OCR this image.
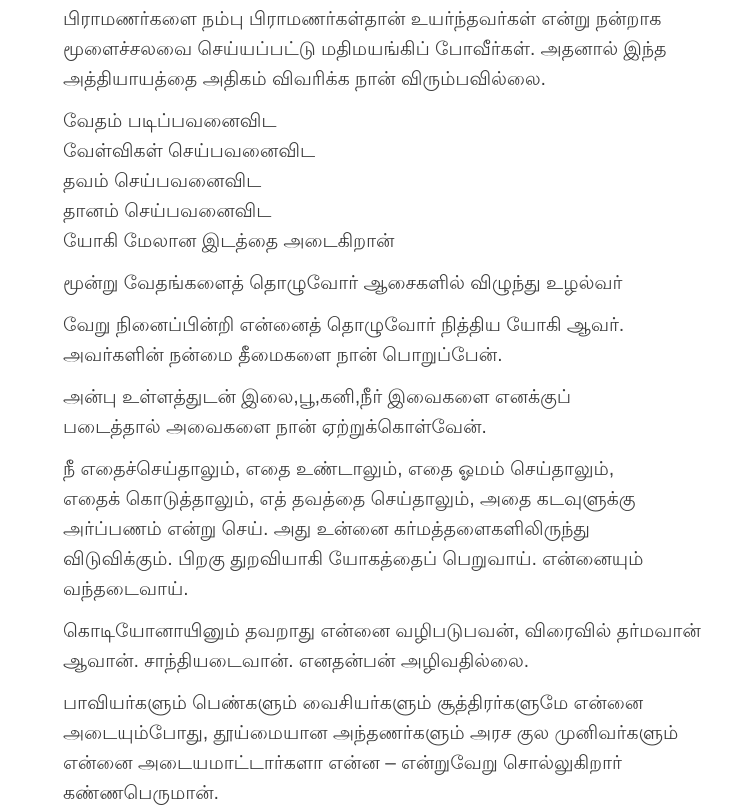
பிராமணர்களை நம்பு பிராமணர்கள்தான் உயர்ந்தவர்கள் என்று நன்றாக
மூளைச்சலவை செய்யப்பட்டு மதிமயங்கிப் போவீர்கள். அதனால் இந்த
அத்தியாயத்தை அதிகம் விவரிக்க நான் விரும்பவில்லை.
வேதம் படிப்பவனைவிட
வேள்விகள் செய்பவனைவிட
தவம் செய்பவனைவிட
தானம் செய்பவனைவிட
யோகி மேலான இடத்தை அடைகிறான்
மூன்று வேதங்களைத் தொழுவோர் ஆசைகளில் விழுந்து உழல்வர்
வேறு நினைப்பின்றி என்னைத் தொழுவோர் நித்திய யோகி ஆவர்.
அவர்களின் நன்மை தீமைகளை நான் பொறுப்பேன்.
அன்பு உள்ளத்துடன் இலை,பூ,கனி,நீர் இவைகளை எனக்குப்
படைத்தால் அவைகளை நான் ஏற்றுக்கொள்வேன்.
நீ எதைச்செய்தாலும், எதை உண்டாலும், எதை ஓமம் செய்தாலும்,
எதைக் கொடுத்தாலும், எத் தவத்தை செய்தாலும், அதை கடவுளுக்கு
அர்ப்பணம் என்று செய். அது உன்னை கர்மத்தளைகளிலிருந்து
விடுவிக்கும். பிறகு துறவியாகி யோகத்தைப் பெறுவாய். என்னையும்
வந்தடைவாய்.
கொடியோனாயினும் தவறாது என்னை வழிபடுபவன், விரைவில் தர்மவான்
ஆவான். சாந்தியடைவான். எனதன்பன் அழிவதில்லை.
பாவியர்களும் பெண்களும் வைசியர்களும் சூத்திரர்களுமே என்னை
அடையும்போது, தூய்மையான அந்தணர்களும் அரச குல முனிவர்களும்
என்னை அடையமாட்டார்களா என்ன – என்றுவேறு சொல்லுகிறார்
கண்ணபெருமான்.
